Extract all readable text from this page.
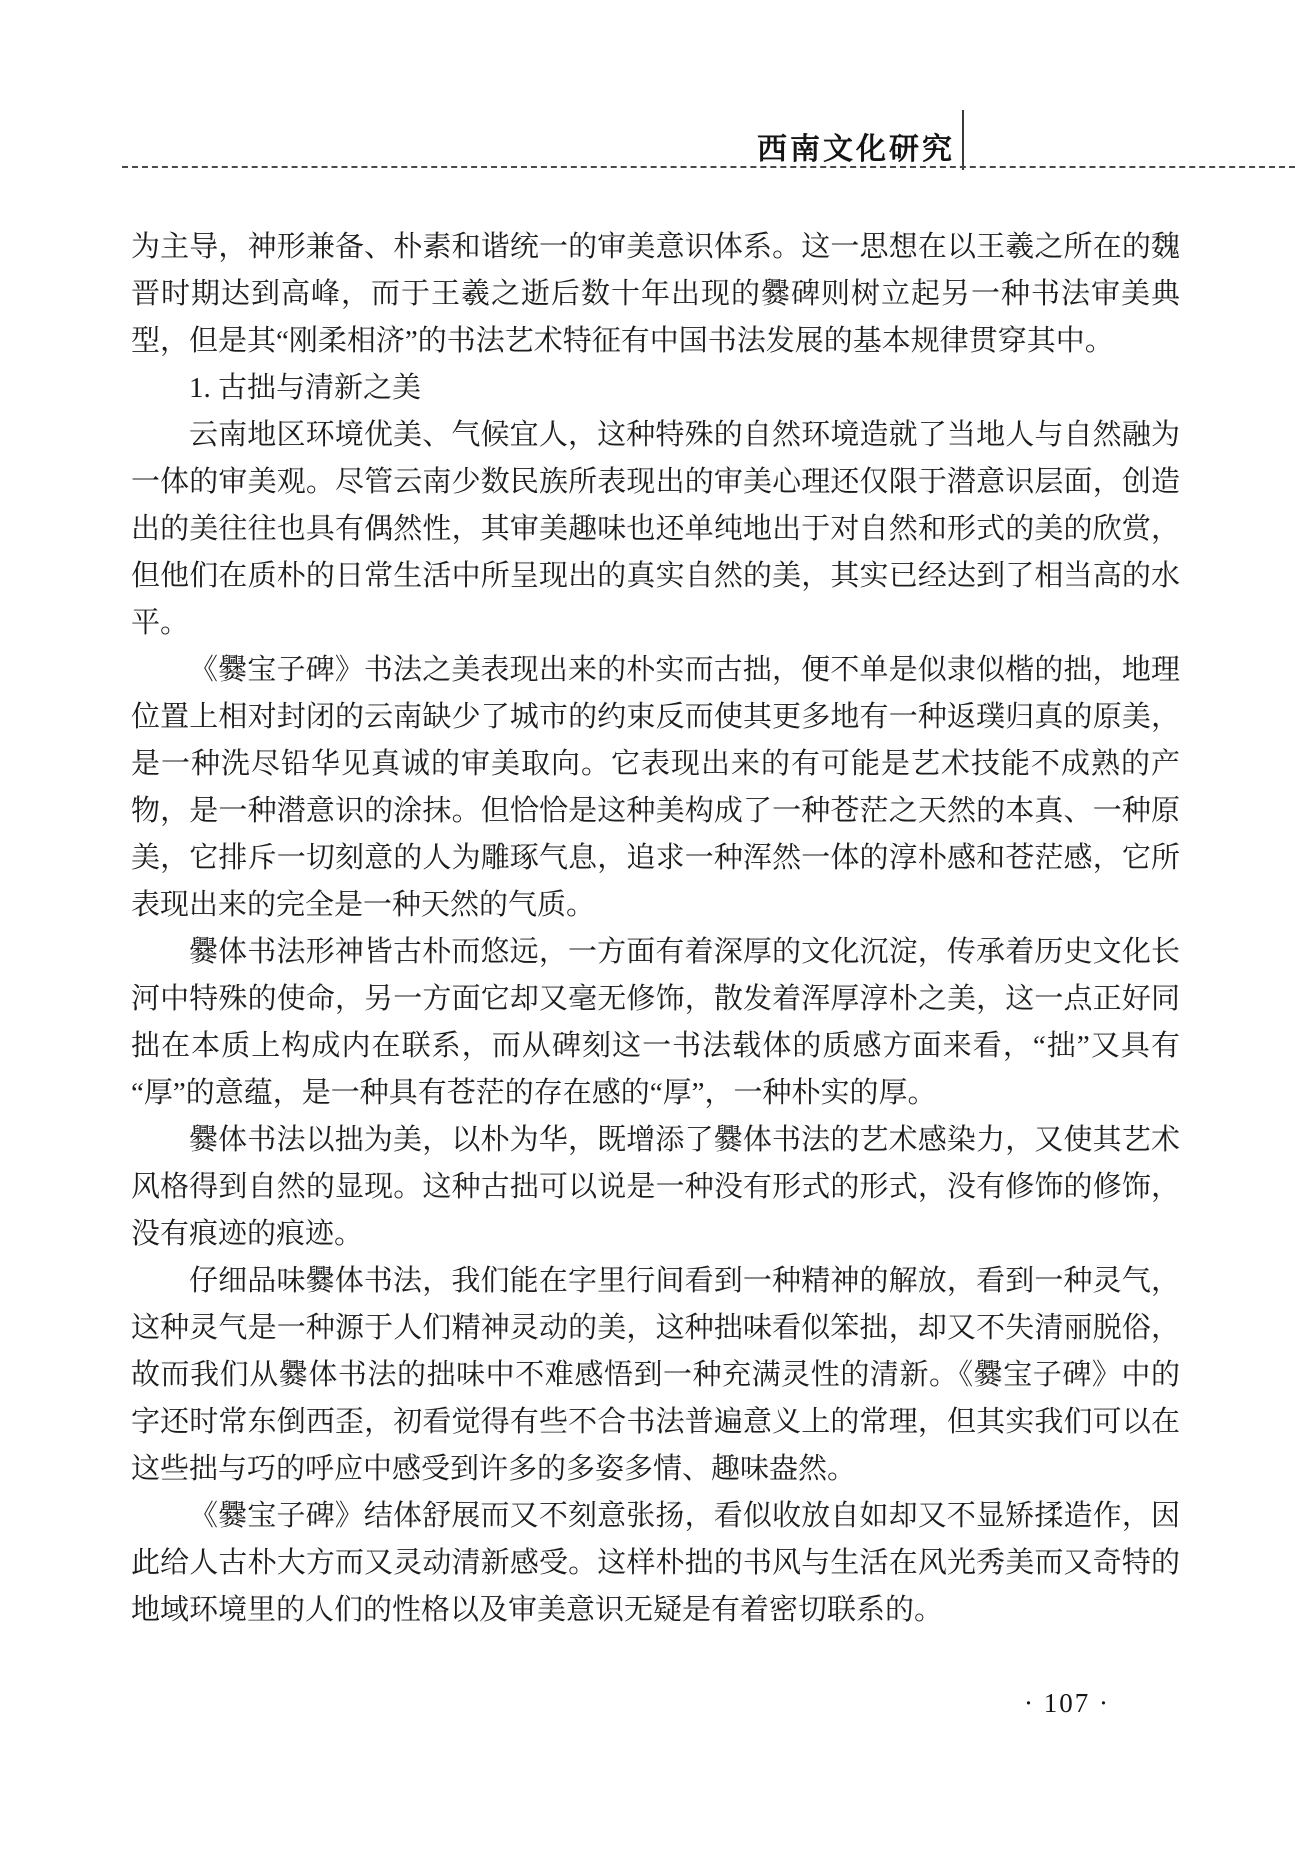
西南文化研究

为主导，神形兼备、朴素和谐统一的审美意识体系。这一思想在以王羲之所在的魏晋时期达到高峰，而于王羲之逝后数十年出现的爨碑则树立起另一种书法审美典型，但是其“刚柔相济”的书法艺术特征有中国书法发展的基本规律贯穿其中。

1. 古拙与清新之美

云南地区环境优美、气候宜人，这种特殊的自然环境造就了当地人与自然融为一体的审美观。尽管云南少数民族所表现出的审美心理还仅限于潜意识层面，创造出的美往往也具有偶然性，其审美趣味也还单纯地出于对自然和形式的美的欣赏，但他们在质朴的日常生活中所呈现出的真实自然的美，其实已经达到了相当高的水平。

《爨宝子碑》书法之美表现出来的朴实而古拙，便不单是似隶似楷的拙，地理位置上相对封闭的云南缺少了城市的约束反而使其更多地有一种返璞归真的原美，是一种洗尽铅华见真诚的审美取向。它表现出来的有可能是艺术技能不成熟的产物，是一种潜意识的涂抹。但恰恰是这种美构成了一种苍茫之天然的本真、一种原美，它排斥一切刻意的人为雕琢气息，追求一种浑然一体的淳朴感和苍茫感，它所表现出来的完全是一种天然的气质。

爨体书法形神皆古朴而悠远，一方面有着深厚的文化沉淀，传承着历史文化长河中特殊的使命，另一方面它却又毫无修饰，散发着浑厚淳朴之美，这一点正好同拙在本质上构成内在联系，而从碑刻这一书法载体的质感方面来看，“拙”又具有“厚”的意蕴，是一种具有苍茫的存在感的“厚”，一种朴实的厚。

爨体书法以拙为美，以朴为华，既增添了爨体书法的艺术感染力，又使其艺术风格得到自然的显现。这种古拙可以说是一种没有形式的形式，没有修饰的修饰，没有痕迹的痕迹。

仔细品味爨体书法，我们能在字里行间看到一种精神的解放，看到一种灵气，这种灵气是一种源于人们精神灵动的美，这种拙味看似笨拙，却又不失清丽脱俗，故而我们从爨体书法的拙味中不难感悟到一种充满灵性的清新。《爨宝子碑》中的字还时常东倒西歪，初看觉得有些不合书法普遍意义上的常理，但其实我们可以在这些拙与巧的呼应中感受到许多的多姿多情、趣味盎然。

《爨宝子碑》结体舒展而又不刻意张扬，看似收放自如却又不显矫揉造作，因此给人古朴大方而又灵动清新感受。这样朴拙的书风与生活在风光秀美而又奇特的地域环境里的人们的性格以及审美意识无疑是有着密切联系的。

· 107 ·
